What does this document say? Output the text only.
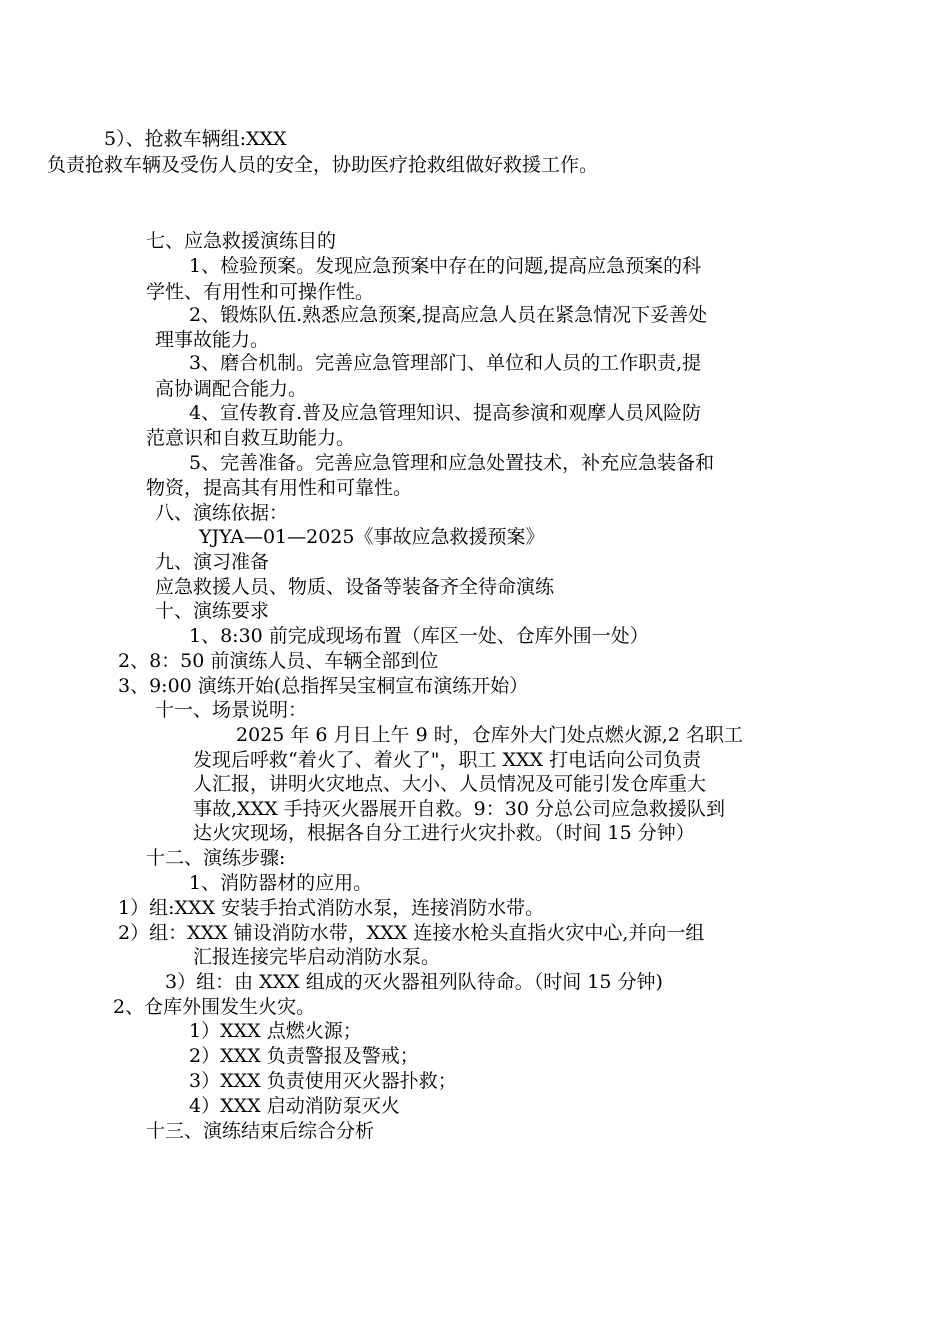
5）、抢救车辆组:XXX
负责抢救车辆及受伤人员的安全，协助医疗抢救组做好救援工作。
七、应急救援演练目的
1、检验预案。发现应急预案中存在的问题,提高应急预案的科
学性、有用性和可操作性。
2、锻炼队伍.熟悉应急预案,提高应急人员在紧急情况下妥善处
理事故能力。
3、磨合机制。完善应急管理部门、单位和人员的工作职责,提
高协调配合能力。
4、宣传教育.普及应急管理知识、提高参演和观摩人员风险防
范意识和自救互助能力。
5、完善准备。完善应急管理和应急处置技术，补充应急装备和
物资，提高其有用性和可靠性。
八、演练依据：
YJYA—01—2025《事故应急救援预案》
九、演习准备
应急救援人员、物质、设备等装备齐全待命演练
十、演练要求
1、8:30 前完成现场布置（库区一处、仓库外围一处）
2、8：50 前演练人员、车辆全部到位
3、9:00 演练开始(总指挥吴宝桐宣布演练开始）
十一、场景说明：
2025 年 6 月日上午 9 时，仓库外大门处点燃火源,2 名职工
发现后呼救“着火了、着火了"，职工 XXX 打电话向公司负责
人汇报，讲明火灾地点、大小、人员情况及可能引发仓库重大
事故,XXX 手持灭火器展开自救。9：30 分总公司应急救援队到
达火灾现场，根据各自分工进行火灾扑救。（时间 15 分钟）
十二、演练步骤:
1、消防器材的应用。
1）组:XXX 安装手抬式消防水泵，连接消防水带。
2）组：XXX 铺设消防水带，XXX 连接水枪头直指火灾中心,并向一组
汇报连接完毕启动消防水泵。
3）组：由 XXX 组成的灭火器祖列队待命。（时间 15 分钟)
2、仓库外围发生火灾。
1）XXX 点燃火源；
2）XXX 负责警报及警戒；
3）XXX 负责使用灭火器扑救；
4）XXX 启动消防泵灭火
十三、演练结束后综合分析
